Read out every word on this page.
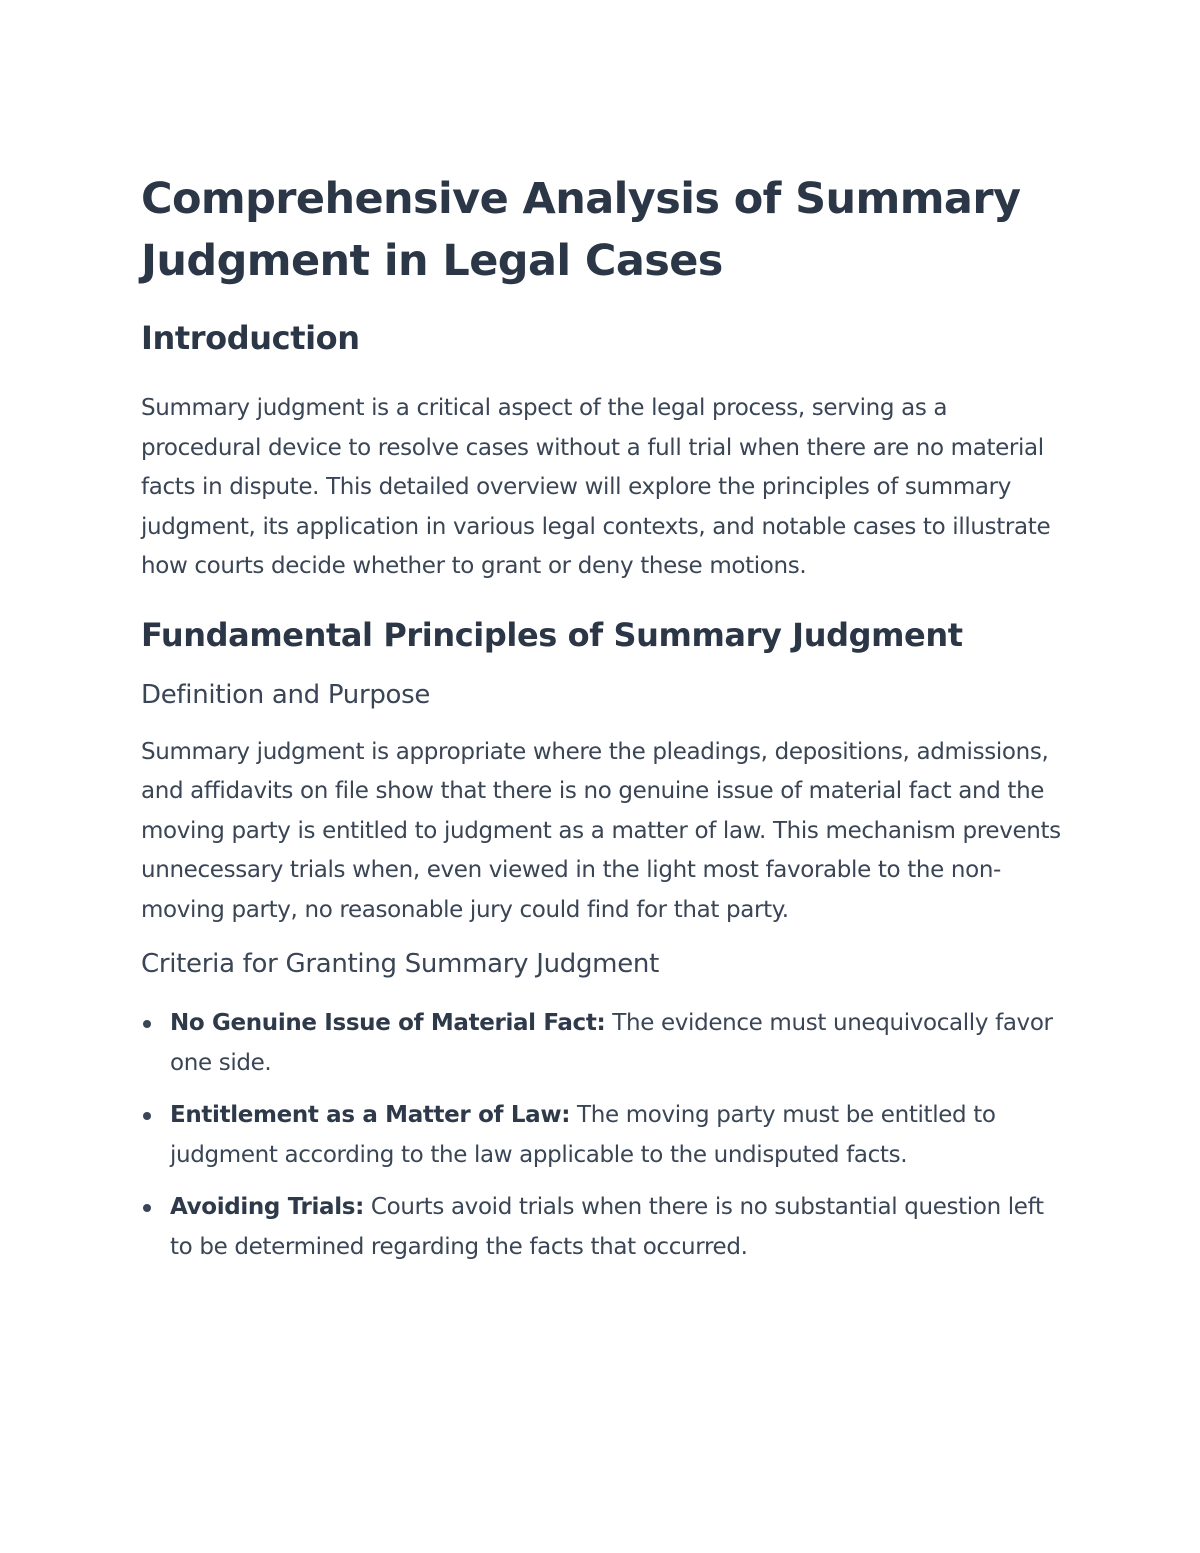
Comprehensive Analysis of Summary Judgment in Legal Cases
Introduction

Summary judgment is a critical aspect of the legal process, serving as a procedural device to resolve cases without a full trial when there are no material facts in dispute. This detailed overview will explore the principles of summary judgment, its application in various legal contexts, and notable cases to illustrate how courts decide whether to grant or deny these motions.

Fundamental Principles of Summary Judgment
Definition and Purpose

Summary judgment is appropriate where the pleadings, depositions, admissions, and affidavits on file show that there is no genuine issue of material fact and the moving party is entitled to judgment as a matter of law. This mechanism prevents unnecessary trials when, even viewed in the light most favorable to the non-moving party, no reasonable jury could find for that party.

Criteria for Granting Summary Judgment
No Genuine Issue of Material Fact: The evidence must unequivocally favor one side.
Entitlement as a Matter of Law: The moving party must be entitled to judgment according to the law applicable to the undisputed facts.
Avoiding Trials: Courts avoid trials when there is no substantial question left to be determined regarding the facts that occurred.
